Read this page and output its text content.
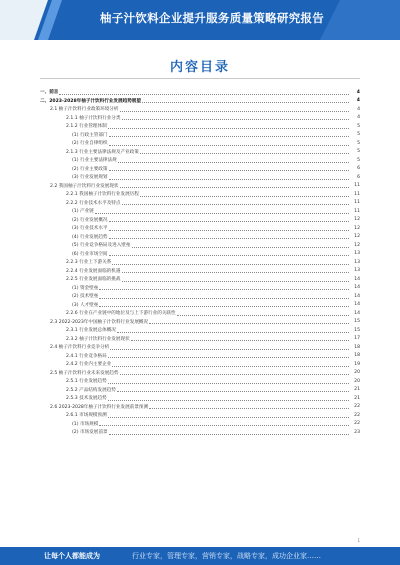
柚子汁饮料企业提升服务质量策略研究报告
内容目录
一、前言	4
二、2023-2028年柚子汁饮料行业发展趋势展望	4
2.1 柚子汁饮料行业政策环境分析	4
2.1.1 柚子汁饮料行业分类	4
2.1.2 行业管理体制	5
(1) 行政主管部门	5
(2) 行业自律组织	5
2.1.3 行业主要法律法规及产业政策	5
(1) 行业主要法律法规	5
(2) 行业主要政策	6
(3) 行业发展规划	6
2.2 我国柚子汁饮料行业发展现状	11
2.2.1 我国柚子汁饮料行业发展历程	11
2.2.2 行业技术水平及特点	11
(1) 产业链	11
(2) 行业发展概况	12
(3) 行业技术水平	12
(4) 行业发展趋势	12
(5) 行业竞争格局及进入壁垒	12
(6) 行业市场空间	13
2.2.3 行业上下游关系	13
2.2.4 行业发展面临的机遇	13
2.2.5 行业发展面临的挑战	14
(1) 资金壁垒	14
(2) 技术壁垒	14
(3) 人才壁垒	14
2.2.6 行业在产业链中的地位及与上下游行业的关联性	14
2.3 2022-2023年中国柚子汁饮料行业发展概况	15
2.3.1 行业发展总体概况	15
2.3.2 柚子汁饮料行业发展现状	17
2.4 柚子汁饮料行业竞争分析	18
2.4.1 行业竞争格局	18
2.4.2 行业内主要企业	19
2.5 柚子汁饮料行业未来发展趋势	20
2.5.1 行业发展趋势	20
2.5.2 产品结构发展趋势	21
2.5.3 技术发展趋势	21
2.6 2023-2028年柚子汁饮料行业发展前景预测	22
2.6.1 市场规模预测	22
(1) 市场规模	22
(2) 市场发展前景	23
1
让每个人都能成为	行业专家，管理专家，营销专家，战略专家，成功企业家……
